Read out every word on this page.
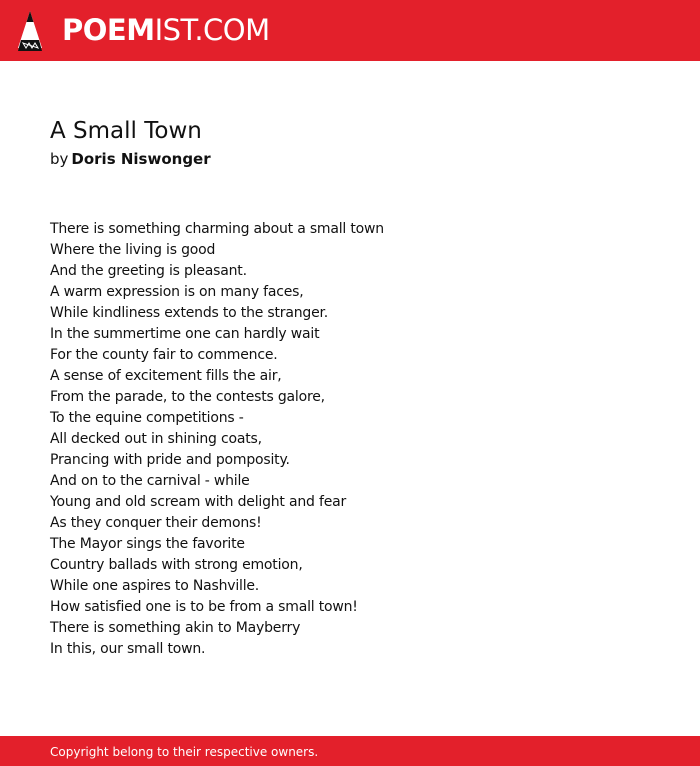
POEMIST.COM
A Small Town
by Doris Niswonger
There is something charming about a small town
Where the living is good
And the greeting is pleasant.
A warm expression is on many faces,
While kindliness extends to the stranger.
In the summertime one can hardly wait
For the county fair to commence.
A sense of excitement fills the air,
From the parade, to the contests galore,
To the equine competitions -
All decked out in shining coats,
Prancing with pride and pomposity.
And on to the carnival - while
Young and old scream with delight and fear
As they conquer their demons!
The Mayor sings the favorite
Country ballads with strong emotion,
While one aspires to Nashville.
How satisfied one is to be from a small town!
There is something akin to Mayberry
In this, our small town.
Copyright belong to their respective owners.
